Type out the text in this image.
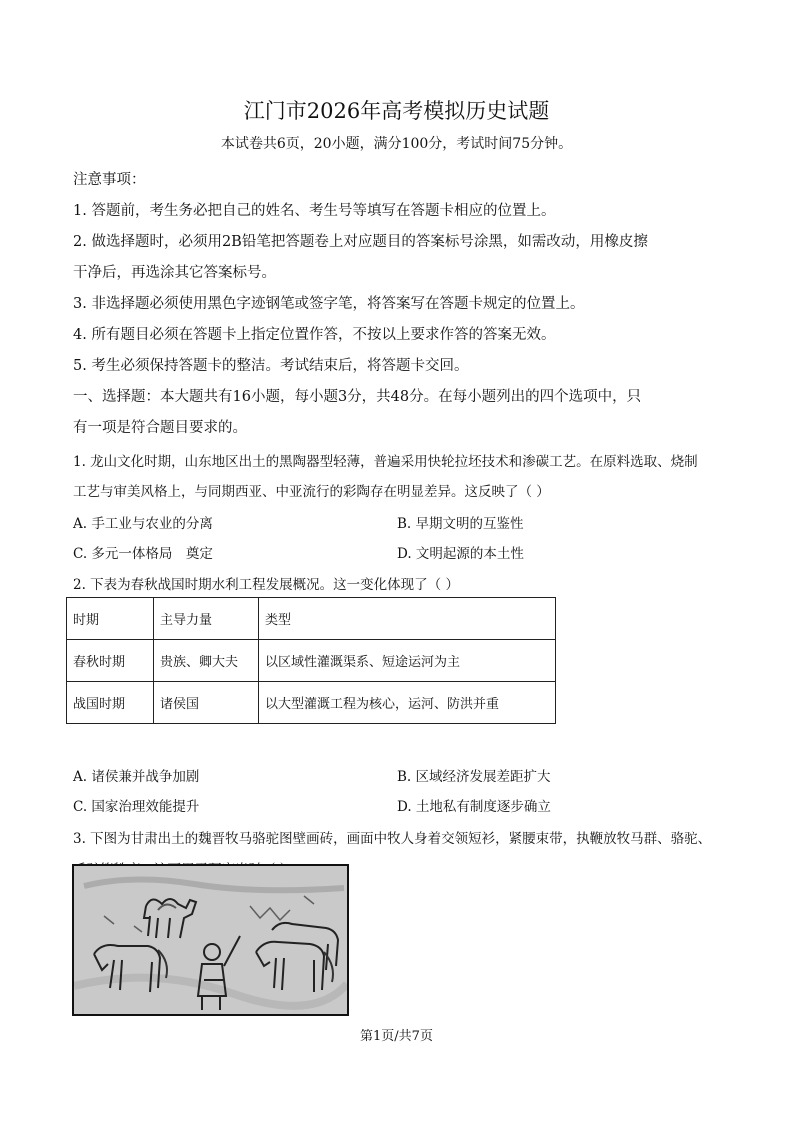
江门市2026年高考模拟历史试题
本试卷共6页，20小题，满分100分，考试时间75分钟。
注意事项：
1. 答题前，考生务必把自己的姓名、考生号等填写在答题卡相应的位置上。
2. 做选择题时，必须用2B铅笔把答题卷上对应题目的答案标号涂黑，如需改动，用橡皮擦
干净后，再选涂其它答案标号。
3. 非选择题必须使用黑色字迹钢笔或签字笔，将答案写在答题卡规定的位置上。
4. 所有题目必须在答题卡上指定位置作答，不按以上要求作答的答案无效。
5. 考生必须保持答题卡的整洁。考试结束后，将答题卡交回。
一、选择题：本大题共有16小题，每小题3分，共48分。在每小题列出的四个选项中，只
有一项是符合题目要求的。
1. 龙山文化时期，山东地区出土的黑陶器型轻薄，普遍采用快轮拉坯技术和渗碳工艺。在原料选取、烧制
工艺与审美风格上，与同期西亚、中亚流行的彩陶存在明显差异。这反映了（ ）
A. 手工业与农业的分离	B. 早期文明的互鉴性
C. 多元一体格局　奠定	D. 文明起源的本土性
2. 下表为春秋战国时期水利工程发展概况。这一变化体现了（ ）
时期	主导力量	类型
春秋时期	贵族、卿大夫	以区域性灌溉渠系、短途运河为主
战国时期	诸侯国	以大型灌溉工程为核心，运河、防洪并重
A. 诸侯兼并战争加剧	B. 区域经济发展差距扩大
C. 国家治理效能提升	D. 土地私有制度逐步确立
3. 下图为甘肃出土的魏晋牧马骆驼图壁画砖，画面中牧人身着交领短衫，紧腰束带，执鞭放牧马群、骆驼、
第1页/共7页
